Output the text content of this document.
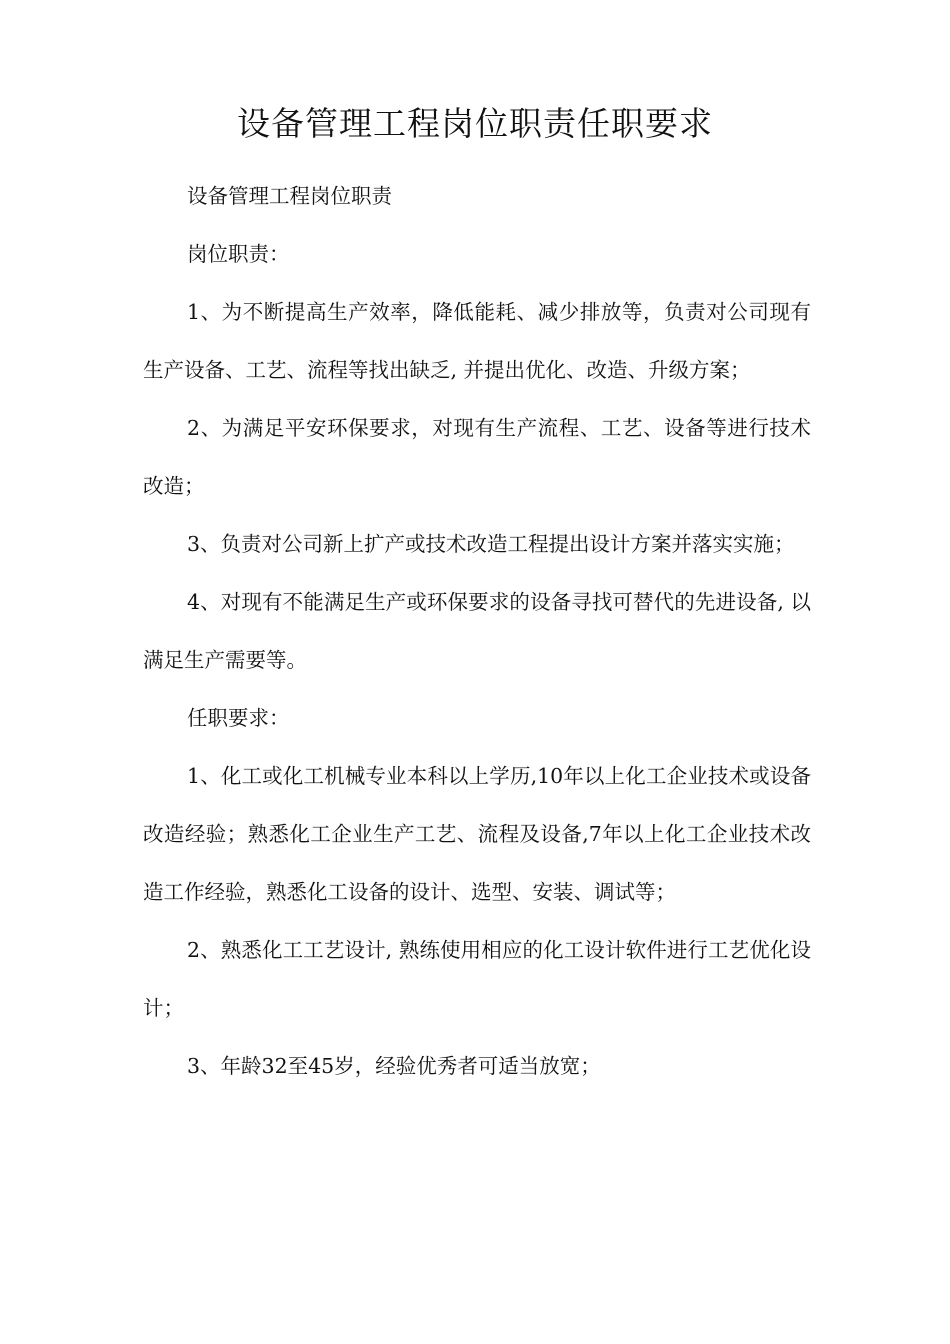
设备管理工程岗位职责任职要求

设备管理工程岗位职责

岗位职责：

1、为不断提高生产效率，降低能耗、减少排放等，负责对公司现有生产设备、工艺、流程等找出缺乏, 并提出优化、改造、升级方案；

2、为满足平安环保要求，对现有生产流程、工艺、设备等进行技术改造；

3、负责对公司新上扩产或技术改造工程提出设计方案并落实实施；

4、对现有不能满足生产或环保要求的设备寻找可替代的先进设备, 以满足生产需要等。

任职要求：

1、化工或化工机械专业本科以上学历,10年以上化工企业技术或设备改造经验；熟悉化工企业生产工艺、流程及设备,7年以上化工企业技术改造工作经验，熟悉化工设备的设计、选型、安装、调试等；

2、熟悉化工工艺设计, 熟练使用相应的化工设计软件进行工艺优化设计；

3、年龄32至45岁，经验优秀者可适当放宽；
